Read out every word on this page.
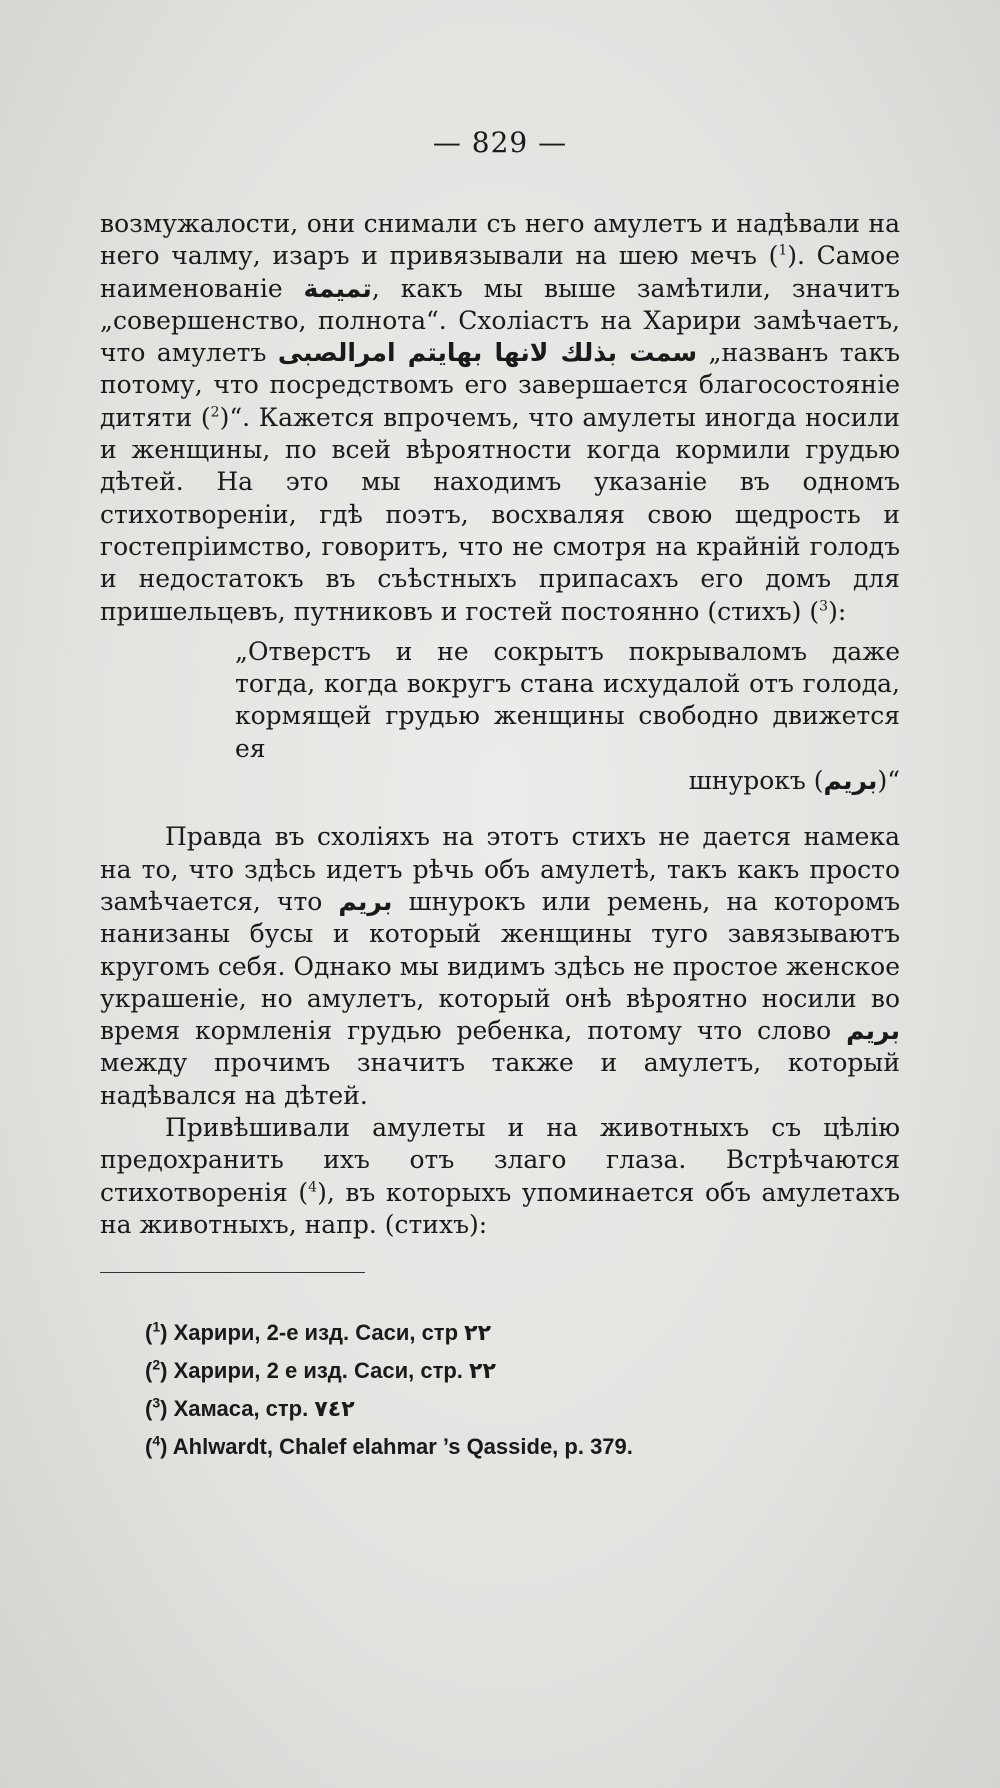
— 829 —

возмужалости, они снимали съ него амулетъ и надѣвали на него чалму, изаръ и привязывали на шею мечъ ($^1$). Самое наименованіе تميمة, какъ мы выше замѣтили, значитъ „совершенство, полнота“. Схоліастъ на Харири замѣчаетъ, что амулетъ سمت بذلك لانها بهايتم امرالصبى „названъ такъ потому, что посредствомъ его завершается благосостояніе дитяти ($^2$)“. Кажется впрочемъ, что амулеты иногда носили и женщины, по всей вѣроятности когда кормили грудью дѣтей. На это мы находимъ указаніе въ одномъ стихотвореніи, гдѣ поэтъ, восхваляя свою щедрость и гостепріимство, говоритъ, что не смотря на крайній голодъ и недостатокъ въ съѣстныхъ припасахъ его домъ для пришельцевъ, путниковъ и гостей постоянно (стихъ) ($^3$):

„Отверстъ и не сокрытъ покрываломъ даже тогда, когда вокругъ стана исхудалой отъ голода, кормящей грудью женщины свободно движется ея
шнурокъ (بريم)“

Правда въ схоліяхъ на этотъ стихъ не дается намека на то, что здѣсь идетъ рѣчь объ амулетѣ, такъ какъ просто замѣчается, что بريم шнурокъ или ремень, на которомъ нанизаны бусы и который женщины туго завязываютъ кругомъ себя. Однако мы видимъ здѣсь не простое женское украшеніе, но амулетъ, который онѣ вѣроятно носили во время кормленія грудью ребенка, потому что слово بريم между прочимъ значитъ также и амулетъ, который надѣвался на дѣтей.

Привѣшивали амулеты и на животныхъ съ цѣлію предохранить ихъ отъ злаго глаза. Встрѣчаются стихотворенія ($^4$), въ которыхъ упоминается объ амулетахъ на животныхъ, напр. (стихъ):

($^1$) Харири, 2-е изд. Саси, стр ٢٢
($^2$) Харири, 2 е изд. Саси, стр. ٢٢
($^3$) Хамаса, стр. ٧٤٢
($^4$) Ahlwardt, Chalef elahmar ’s Qasside, p. 379.
